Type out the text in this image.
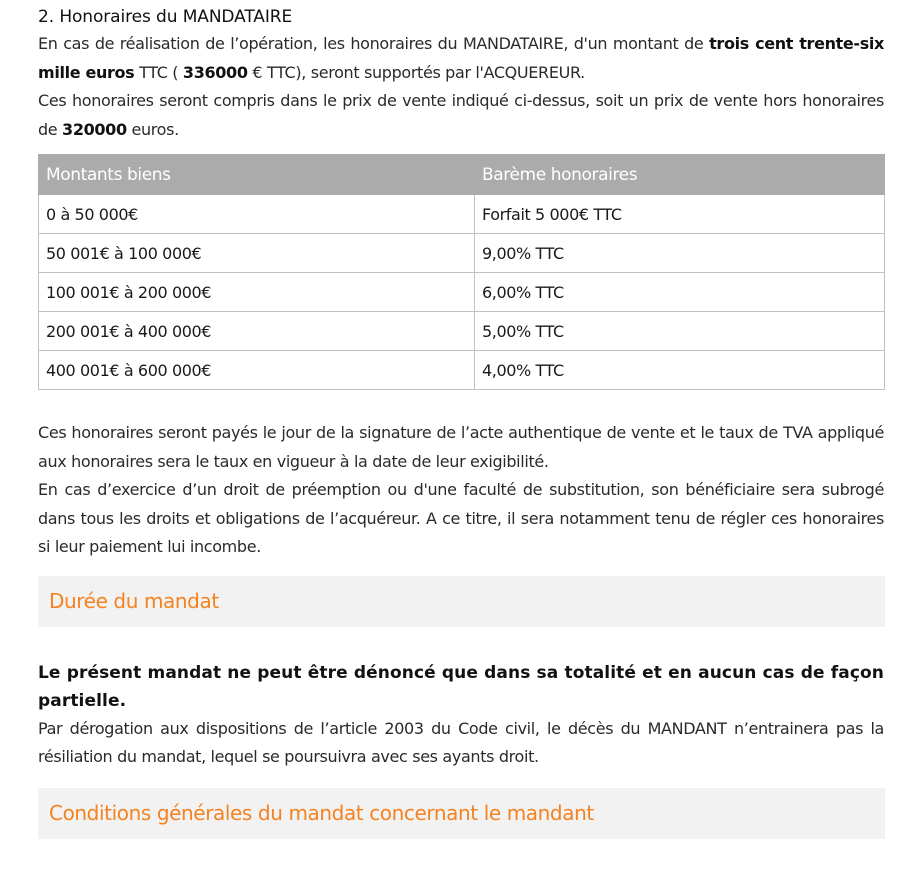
2. Honoraires du MANDATAIRE

En cas de réalisation de l’opération, les honoraires du MANDATAIRE, d'un montant de trois cent trente-six mille euros TTC ( 336000 € TTC), seront supportés par l'ACQUEREUR.

Ces honoraires seront compris dans le prix de vente indiqué ci-dessus, soit un prix de vente hors honoraires de 320000 euros.

Montants biens	Barème honoraires
0 à 50 000€	Forfait 5 000€ TTC
50 001€ à 100 000€	9,00% TTC
100 001€ à 200 000€	6,00% TTC
200 001€ à 400 000€	5,00% TTC
400 001€ à 600 000€	4,00% TTC

Ces honoraires seront payés le jour de la signature de l’acte authentique de vente et le taux de TVA appliqué aux honoraires sera le taux en vigueur à la date de leur exigibilité.

En cas d’exercice d’un droit de préemption ou d'une faculté de substitution, son bénéficiaire sera subrogé dans tous les droits et obligations de l’acquéreur. A ce titre, il sera notamment tenu de régler ces honoraires si leur paiement lui incombe.

Durée du mandat

Le présent mandat ne peut être dénoncé que dans sa totalité et en aucun cas de façon partielle.

Par dérogation aux dispositions de l’article 2003 du Code civil, le décès du MANDANT n’entrainera pas la résiliation du mandat, lequel se poursuivra avec ses ayants droit.

Conditions générales du mandat concernant le mandant
